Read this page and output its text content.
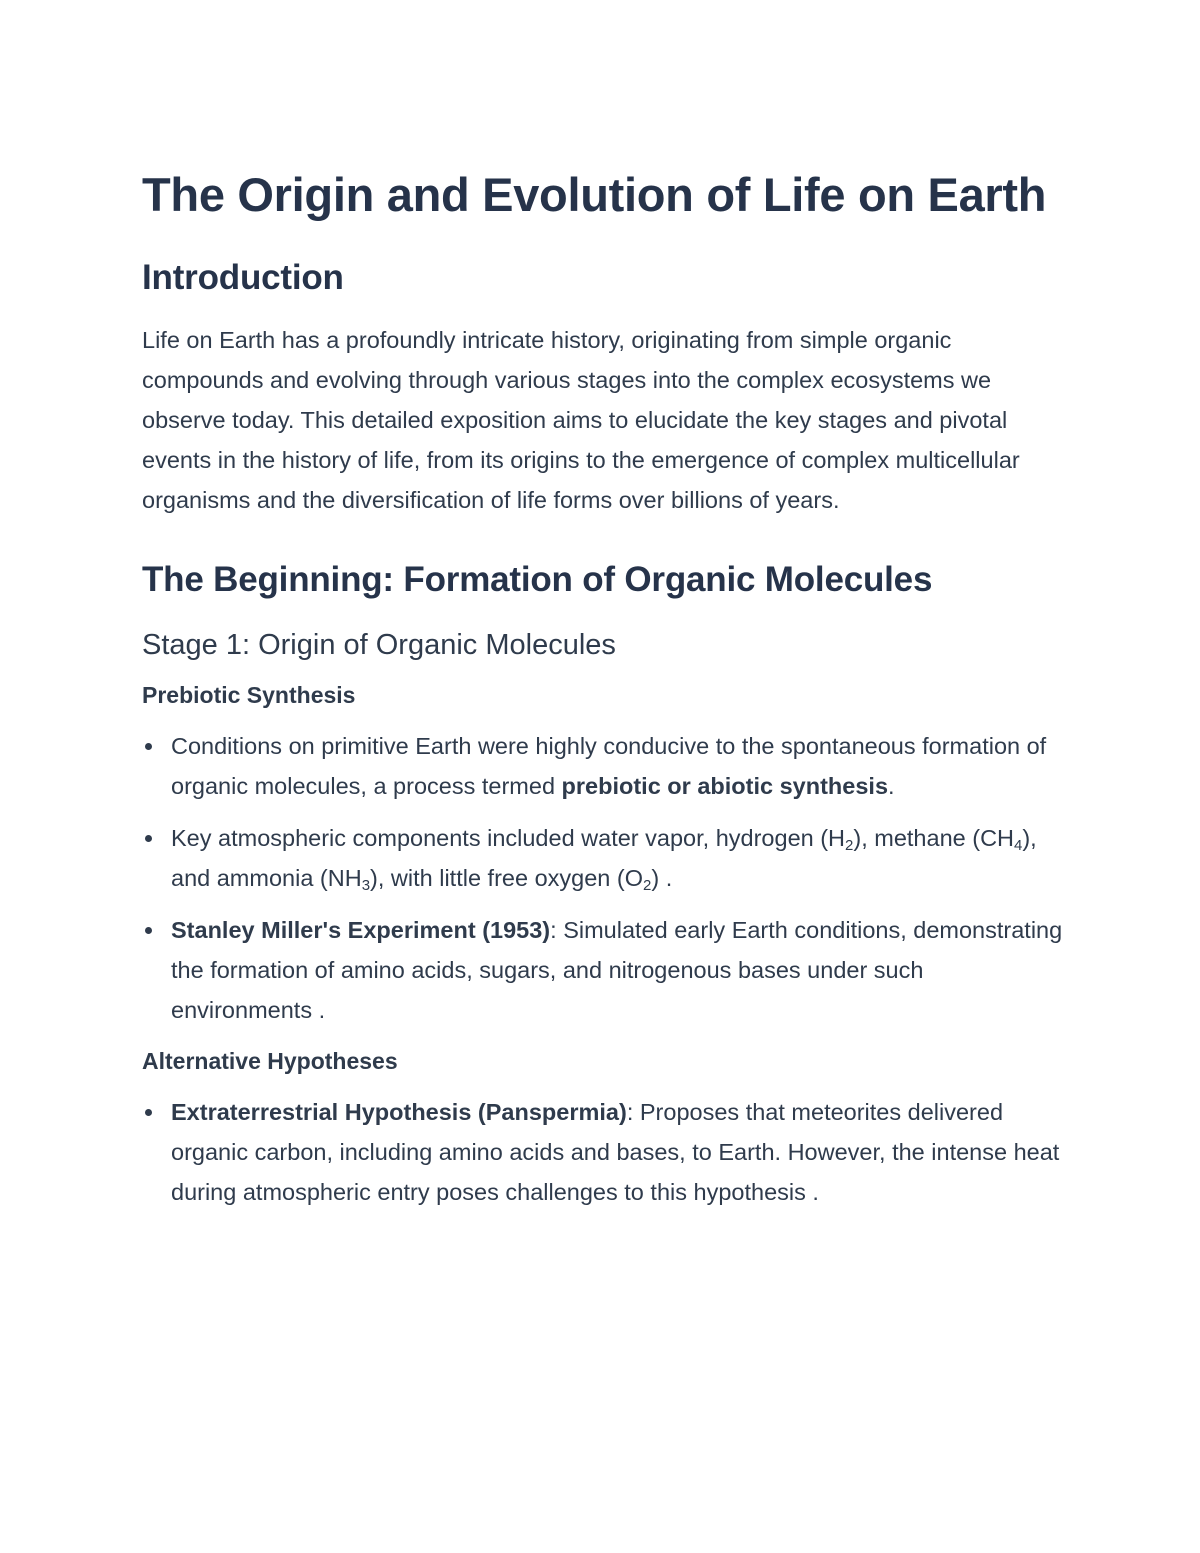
The Origin and Evolution of Life on Earth
Introduction

Life on Earth has a profoundly intricate history, originating from simple organic compounds and evolving through various stages into the complex ecosystems we observe today. This detailed exposition aims to elucidate the key stages and pivotal events in the history of life, from its origins to the emergence of complex multicellular organisms and the diversification of life forms over billions of years.

The Beginning: Formation of Organic Molecules
Stage 1: Origin of Organic Molecules
Prebiotic Synthesis
Conditions on primitive Earth were highly conducive to the spontaneous formation of organic molecules, a process termed prebiotic or abiotic synthesis.
Key atmospheric components included water vapor, hydrogen $(H_2)$, methane $(CH_4)$, and ammonia $(NH_3)$, with little free oxygen $(O_2)$ .
Stanley Miller's Experiment (1953): Simulated early Earth conditions, demonstrating the formation of amino acids, sugars, and nitrogenous bases under such environments .
Alternative Hypotheses
Extraterrestrial Hypothesis (Panspermia): Proposes that meteorites delivered organic carbon, including amino acids and bases, to Earth. However, the intense heat during atmospheric entry poses challenges to this hypothesis .
